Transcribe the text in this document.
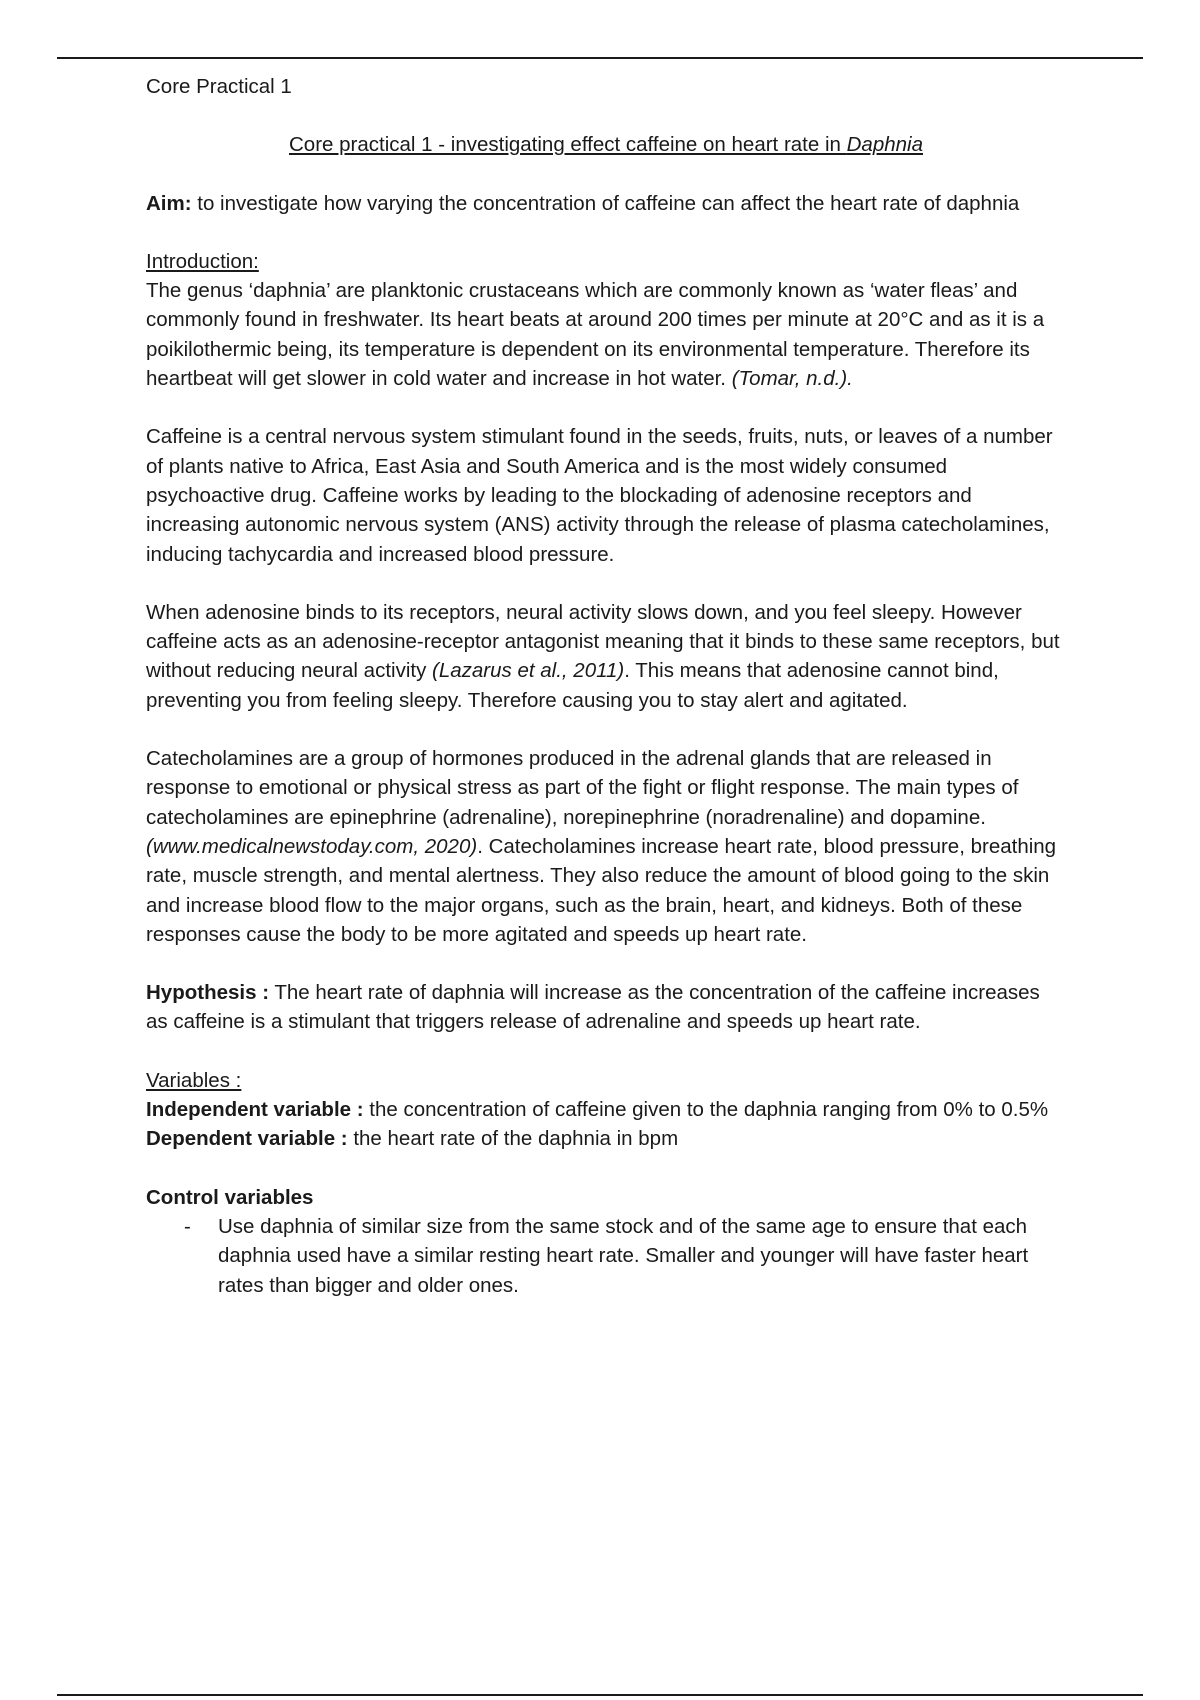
Core Practical 1

Core practical 1 - investigating effect caffeine on heart rate in Daphnia

Aim: to investigate how varying the concentration of caffeine can affect the heart rate of daphnia

Introduction:

The genus ‘daphnia’ are planktonic crustaceans which are commonly known as ‘water fleas’ and commonly found in freshwater. Its heart beats at around 200 times per minute at 20°C and as it is a poikilothermic being, its temperature is dependent on its environmental temperature. Therefore its heartbeat will get slower in cold water and increase in hot water. (Tomar, n.d.).

Caffeine is a central nervous system stimulant found in the seeds, fruits, nuts, or leaves of a number of plants native to Africa, East Asia and South America and is the most widely consumed psychoactive drug. Caffeine works by leading to the blockading of adenosine receptors and increasing autonomic nervous system (ANS) activity through the release of plasma catecholamines, inducing tachycardia and increased blood pressure.

When adenosine binds to its receptors, neural activity slows down, and you feel sleepy. However caffeine acts as an adenosine-receptor antagonist meaning that it binds to these same receptors, but without reducing neural activity (Lazarus et al., 2011). This means that adenosine cannot bind, preventing you from feeling sleepy. Therefore causing you to stay alert and agitated.

Catecholamines are a group of hormones produced in the adrenal glands that are released in response to emotional or physical stress as part of the fight or flight response. The main types of catecholamines are epinephrine (adrenaline), norepinephrine (noradrenaline) and dopamine. (www.medicalnewstoday.com, 2020). Catecholamines increase heart rate, blood pressure, breathing rate, muscle strength, and mental alertness. They also reduce the amount of blood going to the skin and increase blood flow to the major organs, such as the brain, heart, and kidneys. Both of these responses cause the body to be more agitated and speeds up heart rate.

Hypothesis : The heart rate of daphnia will increase as the concentration of the caffeine increases as caffeine is a stimulant that triggers release of adrenaline and speeds up heart rate.

Variables :

Independent variable : the concentration of caffeine given to the daphnia ranging from 0% to 0.5%

Dependent variable : the heart rate of the daphnia in bpm

Control variables

- Use daphnia of similar size from the same stock and of the same age to ensure that each daphnia used have a similar resting heart rate. Smaller and younger will have faster heart rates than bigger and older ones.
